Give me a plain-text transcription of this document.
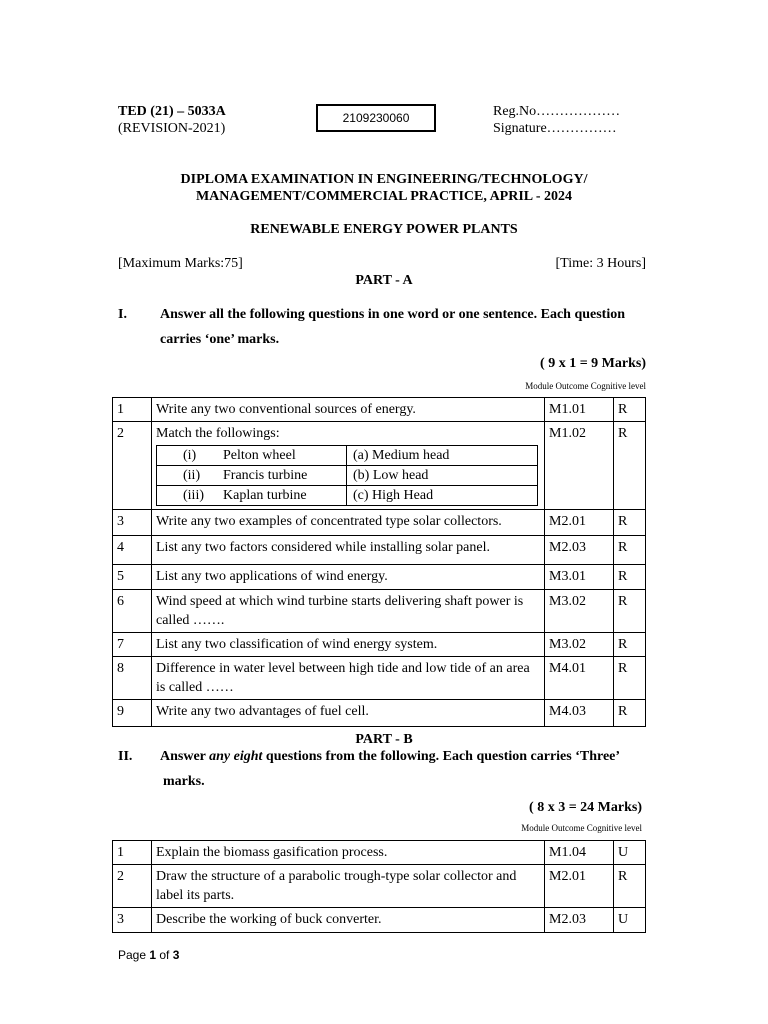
TED (21) – 5033A
(REVISION-2021)
2109230060	Reg.No………………
Signature……………
DIPLOMA EXAMINATION IN ENGINEERING/TECHNOLOGY/
MANAGEMENT/COMMERCIAL PRACTICE, APRIL - 2024
RENEWABLE ENERGY POWER PLANTS
[Maximum Marks:75]	[Time: 3 Hours]
PART - A
I. Answer all the following questions in one word or one sentence. Each question
carries ‘one’ marks.
( 9 x 1 = 9 Marks)
Module Outcome Cognitive level
1	Write any two conventional sources of energy.	M1.01	R
2	Match the followings:
(i) Pelton wheel	(a) Medium head
(ii) Francis turbine	(b) Low head
(iii) Kaplan turbine	(c) High Head
	M1.02	R
3	Write any two examples of concentrated type solar collectors.	M2.01	R
4	List any two factors considered while installing solar panel.	M2.03	R
5	List any two applications of wind energy.	M3.01	R
6	Wind speed at which wind turbine starts delivering shaft power is called …….	M3.02	R
7	List any two classification of wind energy system.	M3.02	R
8	Difference in water level between high tide and low tide of an area is called ……	M4.01	R
9	Write any two advantages of fuel cell.	M4.03	R
PART - B
II. Answer any eight questions from the following. Each question carries ‘Three’
marks.
( 8 x 3 = 24 Marks)
Module Outcome Cognitive level
1	Explain the biomass gasification process.	M1.04	U
2	Draw the structure of a parabolic trough-type solar collector and label its parts.	M2.01	R
3	Describe the working of buck converter.	M2.03	U
Page 1 of 3
